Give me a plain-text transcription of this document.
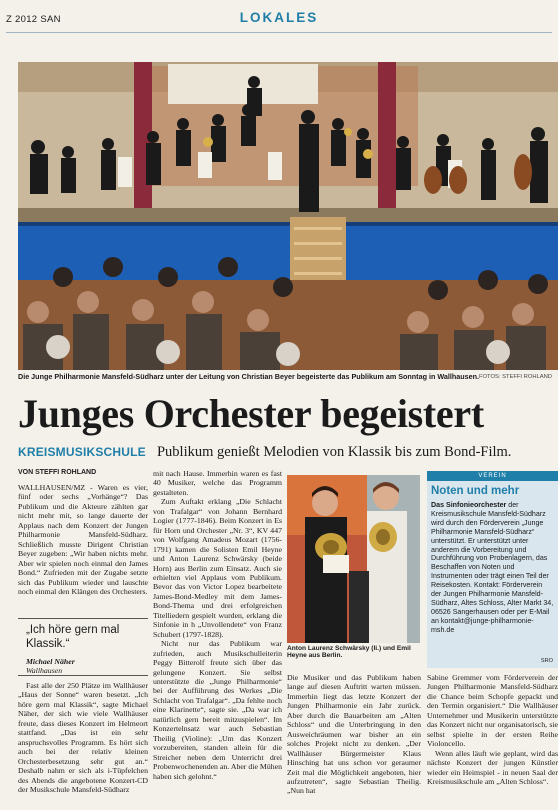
Z 2012 SAN	LOKALES
Die Junge Philharmonie Mansfeld-Südharz unter der Leitung von Christian Beyer begeisterte das Publikum am Sonntag in Wallhausen. FOTOS: STEFFI ROHLAND
Junges Orchester begeistert
KREISMUSIKSCHULE Publikum genießt Melodien von Klassik bis zum Bond-Film.
VON STEFFI ROHLAND

WALLHAUSEN/MZ - Waren es vier, fünf oder sechs „Vorhänge“? Das Publikum und die Akteure zählten gar nicht mehr mit, so lange dauerte der Applaus nach dem Konzert der Jungen Philharmonie Mansfeld-Südharz. Schließlich musste Dirigent Christian Beyer zugeben: „Wir haben nichts mehr. Aber wir spielen noch einmal den James Bond.“ Zufrieden mit der Zugabe setzte sich das Publikum wieder und lauschte noch einmal den Klängen des Orchesters.

„Ich höre gern mal Klassik.“
Michael Näher
Wallhausen

Fast alle der 250 Plätze im Wallhäuser „Haus der Sonne“ waren besetzt. „Ich höre gern mal Klassik“, sagte Michael Näher, der sich wie viele Wallhäuser freute, dass dieses Konzert im Helmeort stattfand. „Das ist ein sehr anspruchsvolles Programm. Es hört sich auch bei der relativ kleinen Orchesterbesetzung sehr gut an.“ Deshalb nahm er sich als i-Tüpfelchen des Abends die angebotene Konzert-CD der Musikschule Mansfeld-Südharz

mit nach Hause. Immerhin waren es fast 40 Musiker, welche das Programm gestalteten.

Zum Auftakt erklang „Die Schlacht von Trafalgar“ von Johann Bernhard Logier (1777-1846). Beim Konzert in Es für Horn und Orchester „Nr. 3“, KV 447 von Wolfgang Amadeus Mozart (1756-1791) kamen die Solisten Emil Heyne und Anton Laurenz Schwärsky (beide Horn) aus Berlin zum Einsatz. Auch sie erhielten viel Applaus vom Publikum. Bevor das von Victor Lopez bearbeitete James-Bond-Medley mit dem James-Bond-Thema und drei erfolgreichen Titelliedern gespielt wurden, erklang die Sinfonie in h „Unvollendete“ von Franz Schubert (1797-1828).

Nicht nur das Publikum war zufrieden, auch Musikschulleiterin Peggy Bitterolf freute sich über das gelungene Konzert. Sie selbst unterstützte die „Junge Philharmonie“ bei der Aufführung des Werkes „Die Schlacht von Trafalgar“. „Da fehlte noch eine Klarinette“, sagte sie. „Da war ich natürlich gern bereit mitzuspielen“. Im Konzertelnsatz war auch Sebastian Theilig (Violine): „Um das Konzert vorzubereiten, standen allein für die Streicher neben dem Unterricht drei Probenwochenenden an. Aber die Mühen haben sich gelohnt.“

Anton Laurenz Schwärsky (li.) und Emil Heyne aus Berlin.

Die Musiker und das Publikum haben lange auf diesen Auftritt warten müssen. Immerhin liegt das letzte Konzert der Jungen Philharmonie ein Jahr zurück. Aber durch die Bauarbeiten am „Alten Schloss“ und die Unterbringung in den Ausweichräumen war bisher an ein solches Projekt nicht zu denken. „Der Wallhäuser Bürgermeister Klaus Hinsching hat uns schon vor geraumer Zeit mal die Möglichkeit angeboten, hier aufzutreten“, sagte Sebastian Theilig. „Nun hat

VEREIN
Noten und mehr
Das Sinfonieorchester der Kreismusikschule Mansfeld-Südharz wird durch den Förderverein „Junge Philharmonie Mansfeld-Südharz“ unterstützt. Er unterstützt unter anderem die Vorbereitung und Durchführung von Probenlagern, das Beschaffen von Noten und Instrumenten oder trägt einen Teil der Reisekosten. Kontakt: Förderverein der Jungen Philharmonie Mansfeld-Südharz, Altes Schloss, Alter Markt 34, 06526 Sangerhausen oder per E-Mail an kontakt@junge-philharmonie-msh.de
SRO

Sabine Gremmer vom Förderverein der Jungen Philharmonie Mansfeld-Südharz die Chance beim Schopfe gepackt und den Termin organisiert.“ Die Wallhäuser Unternehmer und Musikerin unterstützte das Konzert nicht nur organisatorisch, sie selbst spielte in der ersten Reihe Violoncello.

Wenn alles läuft wie geplant, wird das nächste Konzert der jungen Künstler wieder ein Heimspiel - in neuen Saal der Kreismusikschule am „Alten Schloss“.
